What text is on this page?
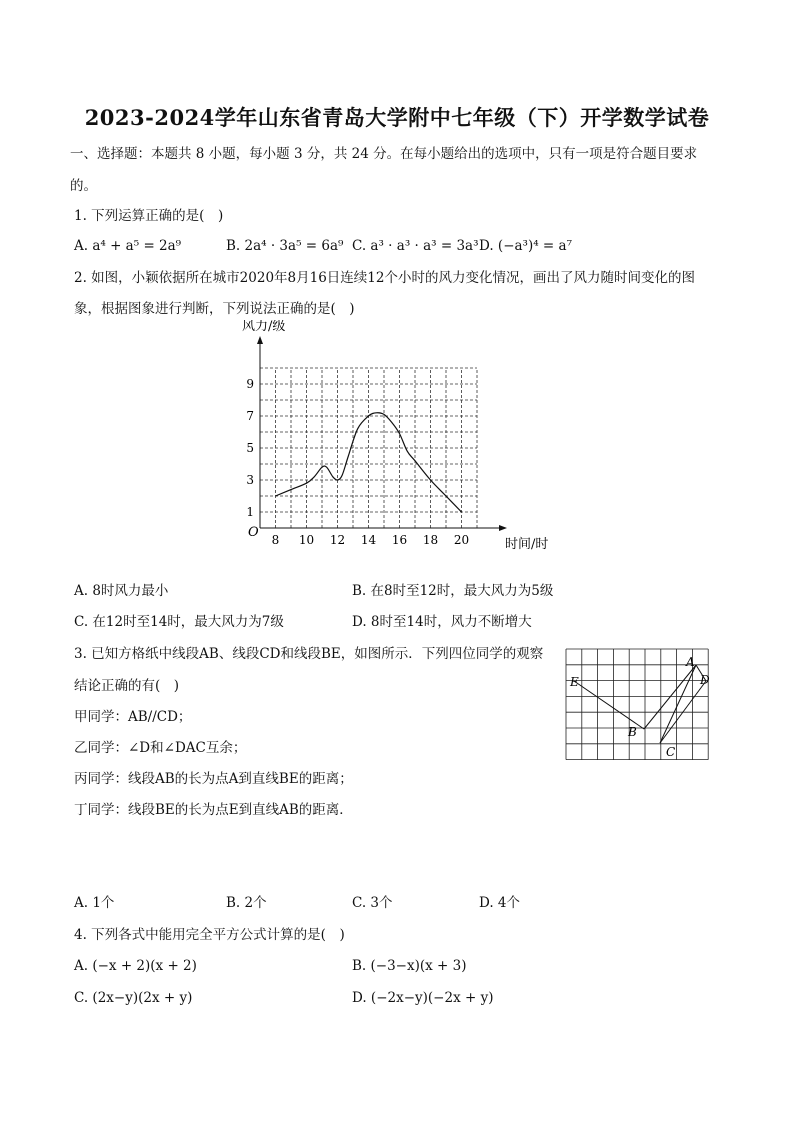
2023-2024学年山东省青岛大学附中七年级（下）开学数学试卷
一、选择题：本题共 8 小题，每小题 3 分，共 24 分。在每小题给出的选项中，只有一项是符合题目要求
的。
1. 下列运算正确的是(　)
A. a⁴ + a⁵ = 2a⁹	B. 2a⁴ · 3a⁵ = 6a⁹ C. a³ · a³ · a³ = 3a³ D. (−a³)⁴ = a⁷
2. 如图，小颖依据所在城市2020年8月16日连续12个小时的风力变化情况，画出了风力随时间变化的图
象，根据图象进行判断，下列说法正确的是(　)
8 10 12 14 16 18 20
1
3
5
7
9
O
风力/级
时间/时
A. 8时风力最小	B. 在8时至12时，最大风力为5级
C. 在12时至14时，最大风力为7级	D. 8时至14时，风力不断增大
3. 已知方格纸中线段AB、线段CD和线段BE，如图所示．下列四位同学的观察
结论正确的有(　)
甲同学：AB//CD；
乙同学：∠D和∠DAC互余；
丙同学：线段AB的长为点A到直线BE的距离；
丁同学：线段BE的长为点E到直线AB的距离．
A
B
C
D
E
A. 1个	B. 2个	C. 3个	D. 4个
4. 下列各式中能用完全平方公式计算的是(　)
A. (−x + 2)(x + 2)	B. (−3−x)(x + 3)
C. (2x−y)(2x + y)	D. (−2x−y)(−2x + y)
